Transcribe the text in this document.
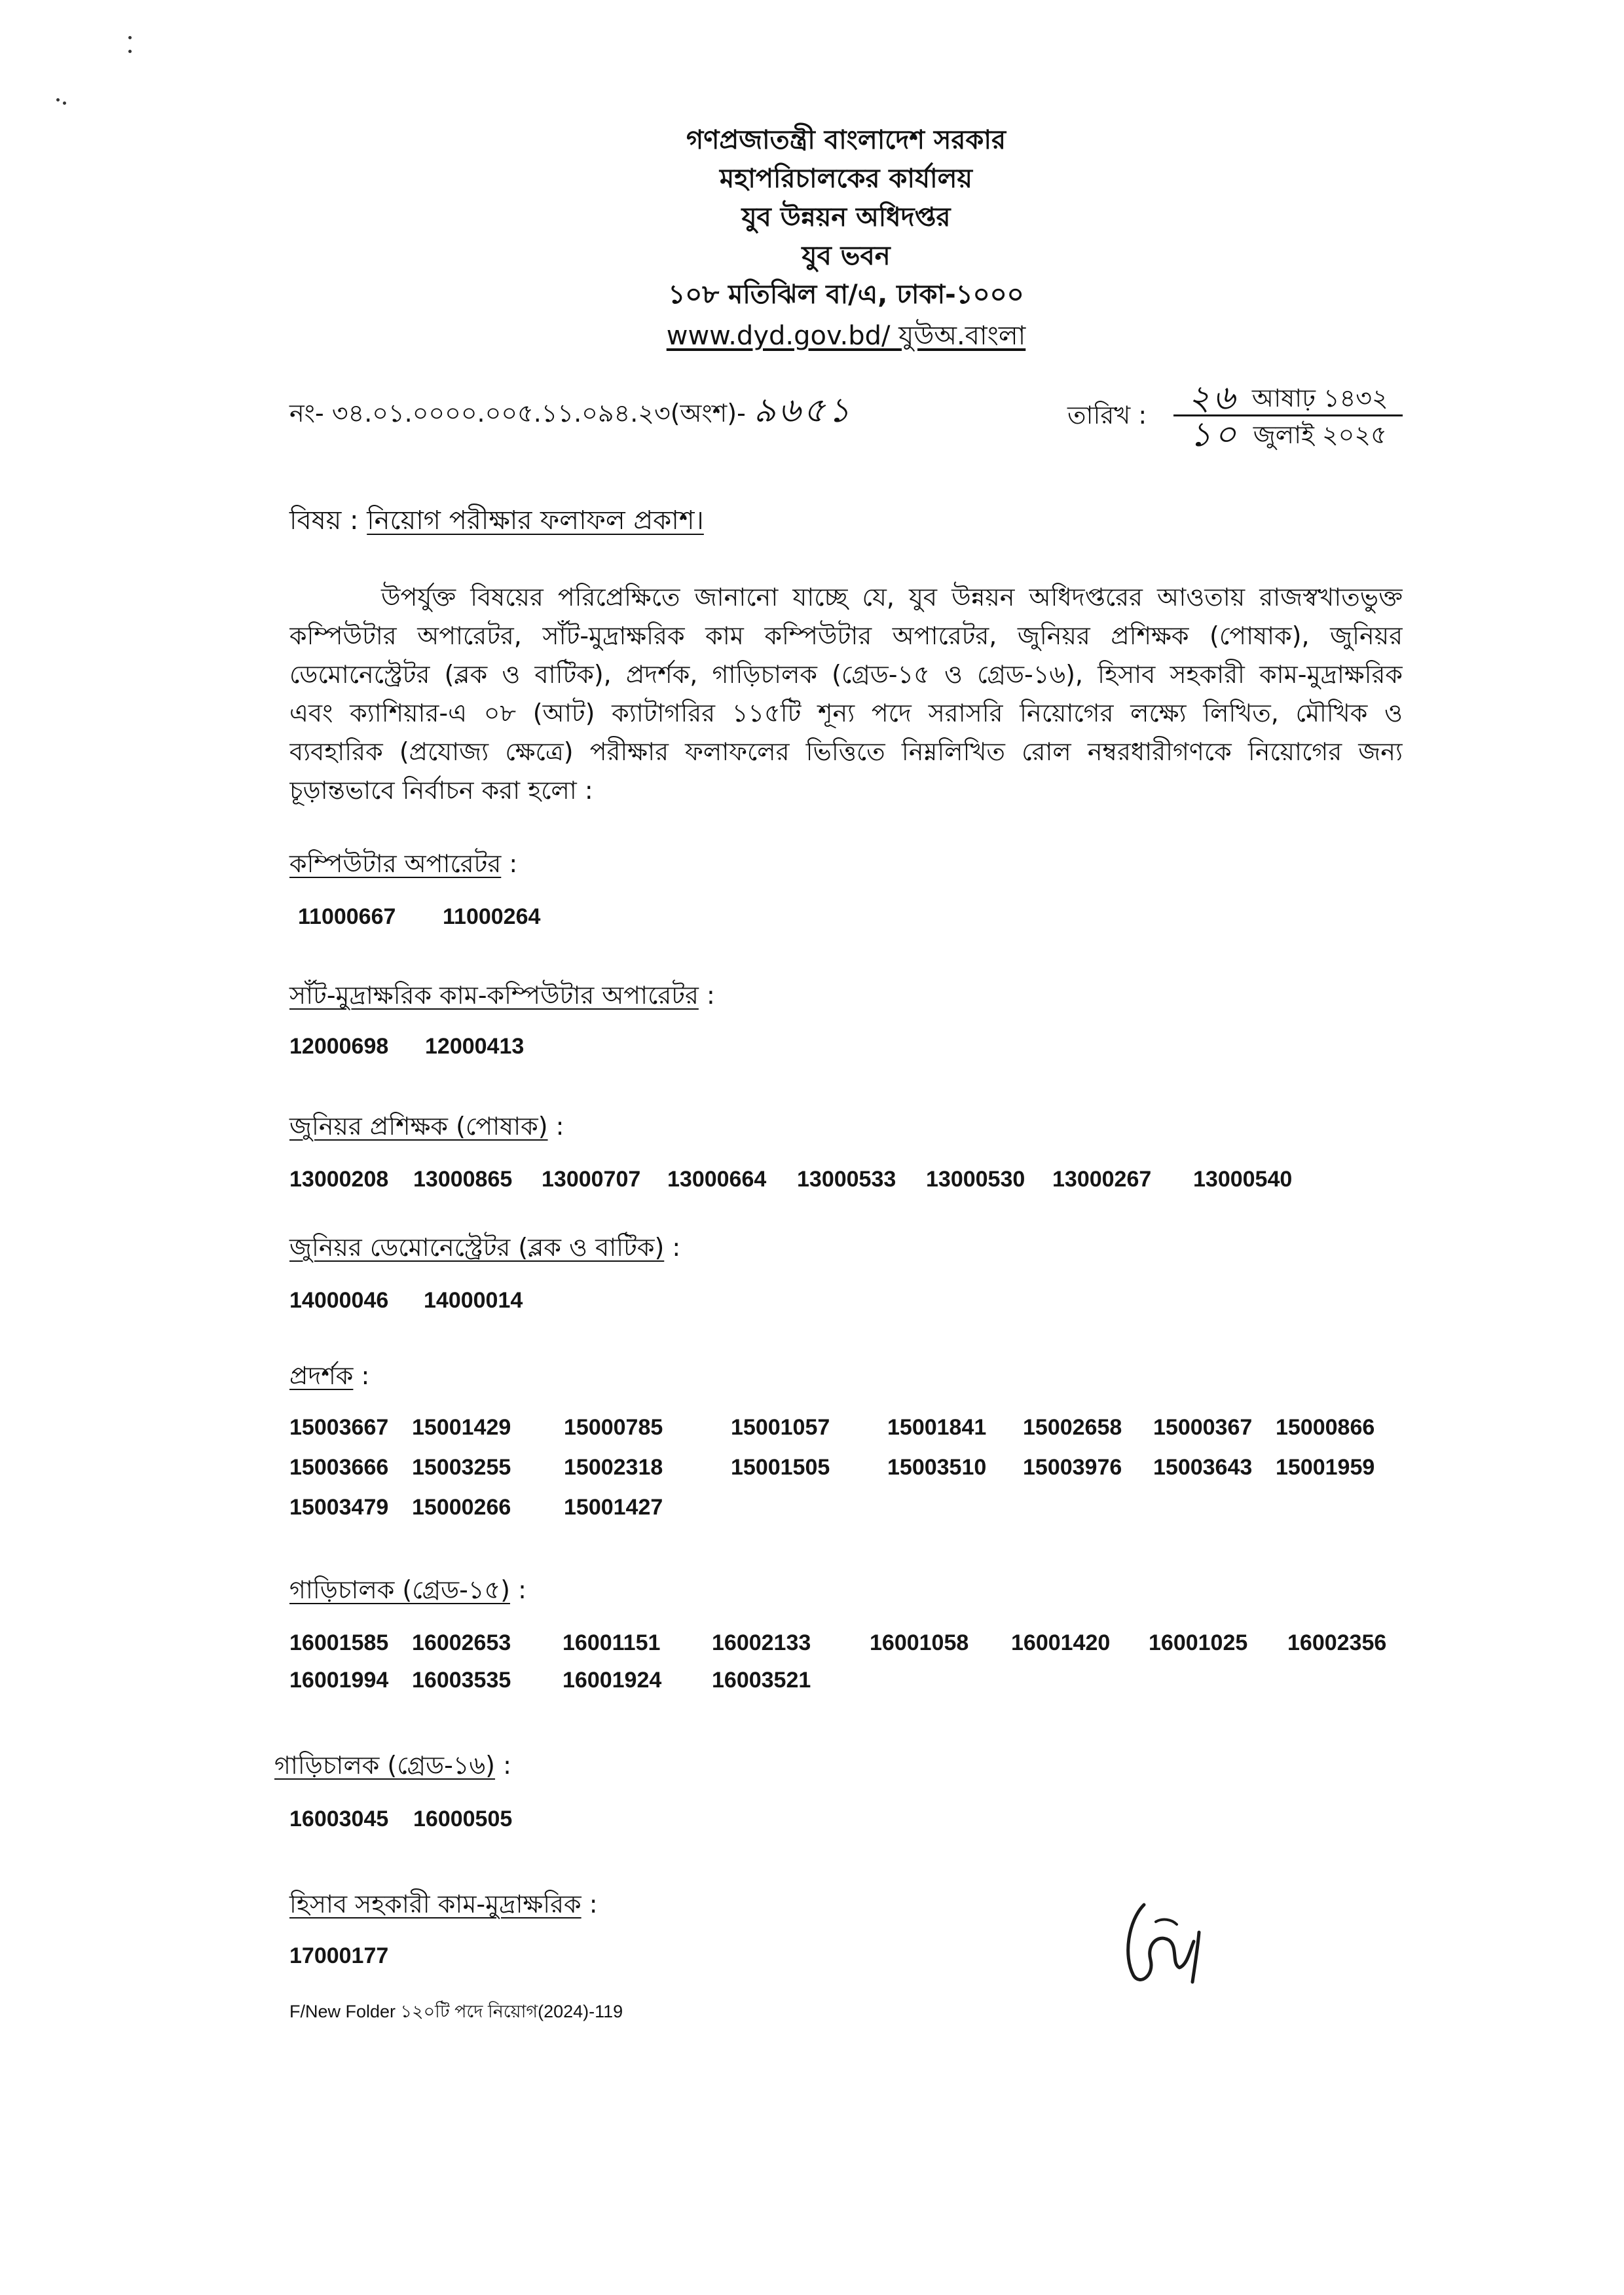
গণপ্রজাতন্ত্রী বাংলাদেশ সরকার
মহাপরিচালকের কার্যালয়
যুব উন্নয়ন অধিদপ্তর
যুব ভবন
১০৮ মতিঝিল বা/এ, ঢাকা-১০০০
www.dyd.gov.bd/ যুউঅ.বাংলা
নং- ৩৪.০১.০০০০.০০৫.১১.০৯৪.২৩(অংশ)- ৯৬৫১	তারিখ : ২৬ আষাঢ় ১৪৩২
১০ জুলাই ২০২৫
বিষয় : নিয়োগ পরীক্ষার ফলাফল প্রকাশ।
উপর্যুক্ত বিষয়ের পরিপ্রেক্ষিতে জানানো যাচ্ছে যে, যুব উন্নয়ন অধিদপ্তরের আওতায় রাজস্বখাতভুক্ত
কম্পিউটার অপারেটর, সাঁট-মুদ্রাক্ষরিক কাম কম্পিউটার অপারেটর, জুনিয়র প্রশিক্ষক (পোষাক), জুনিয়র
ডেমোনেস্ট্রেটর (ব্লক ও বাটিক), প্রদর্শক, গাড়িচালক (গ্রেড-১৫ ও গ্রেড-১৬), হিসাব সহকারী কাম-মুদ্রাক্ষরিক
এবং ক্যাশিয়ার-এ ০৮ (আট) ক্যাটাগরির ১১৫টি শূন্য পদে সরাসরি নিয়োগের লক্ষ্যে লিখিত, মৌখিক ও
ব্যবহারিক (প্রযোজ্য ক্ষেত্রে) পরীক্ষার ফলাফলের ভিত্তিতে নিম্নলিখিত রোল নম্বরধারীগণকে নিয়োগের জন্য
চূড়ান্তভাবে নির্বাচন করা হলো :
কম্পিউটার অপারেটর :
11000667	11000264
সাঁট-মুদ্রাক্ষরিক কাম-কম্পিউটার অপারেটর :
12000698	12000413
জুনিয়র প্রশিক্ষক (পোষাক) :
13000208	13000865	13000707	13000664	13000533	13000530	13000267	13000540
জুনিয়র ডেমোনেস্ট্রেটর (ব্লক ও বাটিক) :
14000046	14000014
প্রদর্শক :
15003667	15001429	15000785	15001057	15001841	15002658	15000367	15000866
15003666	15003255	15002318	15001505	15003510	15003976	15003643	15001959
15003479	15000266	15001427
গাড়িচালক (গ্রেড-১৫) :
16001585	16002653	16001151	16002133	16001058	16001420	16001025	16002356
16001994	16003535	16001924	16003521
গাড়িচালক (গ্রেড-১৬) :
16003045	16000505
হিসাব সহকারী কাম-মুদ্রাক্ষরিক :
17000177
F/New Folder ১২০টি পদে নিয়োগ(2024)-119
